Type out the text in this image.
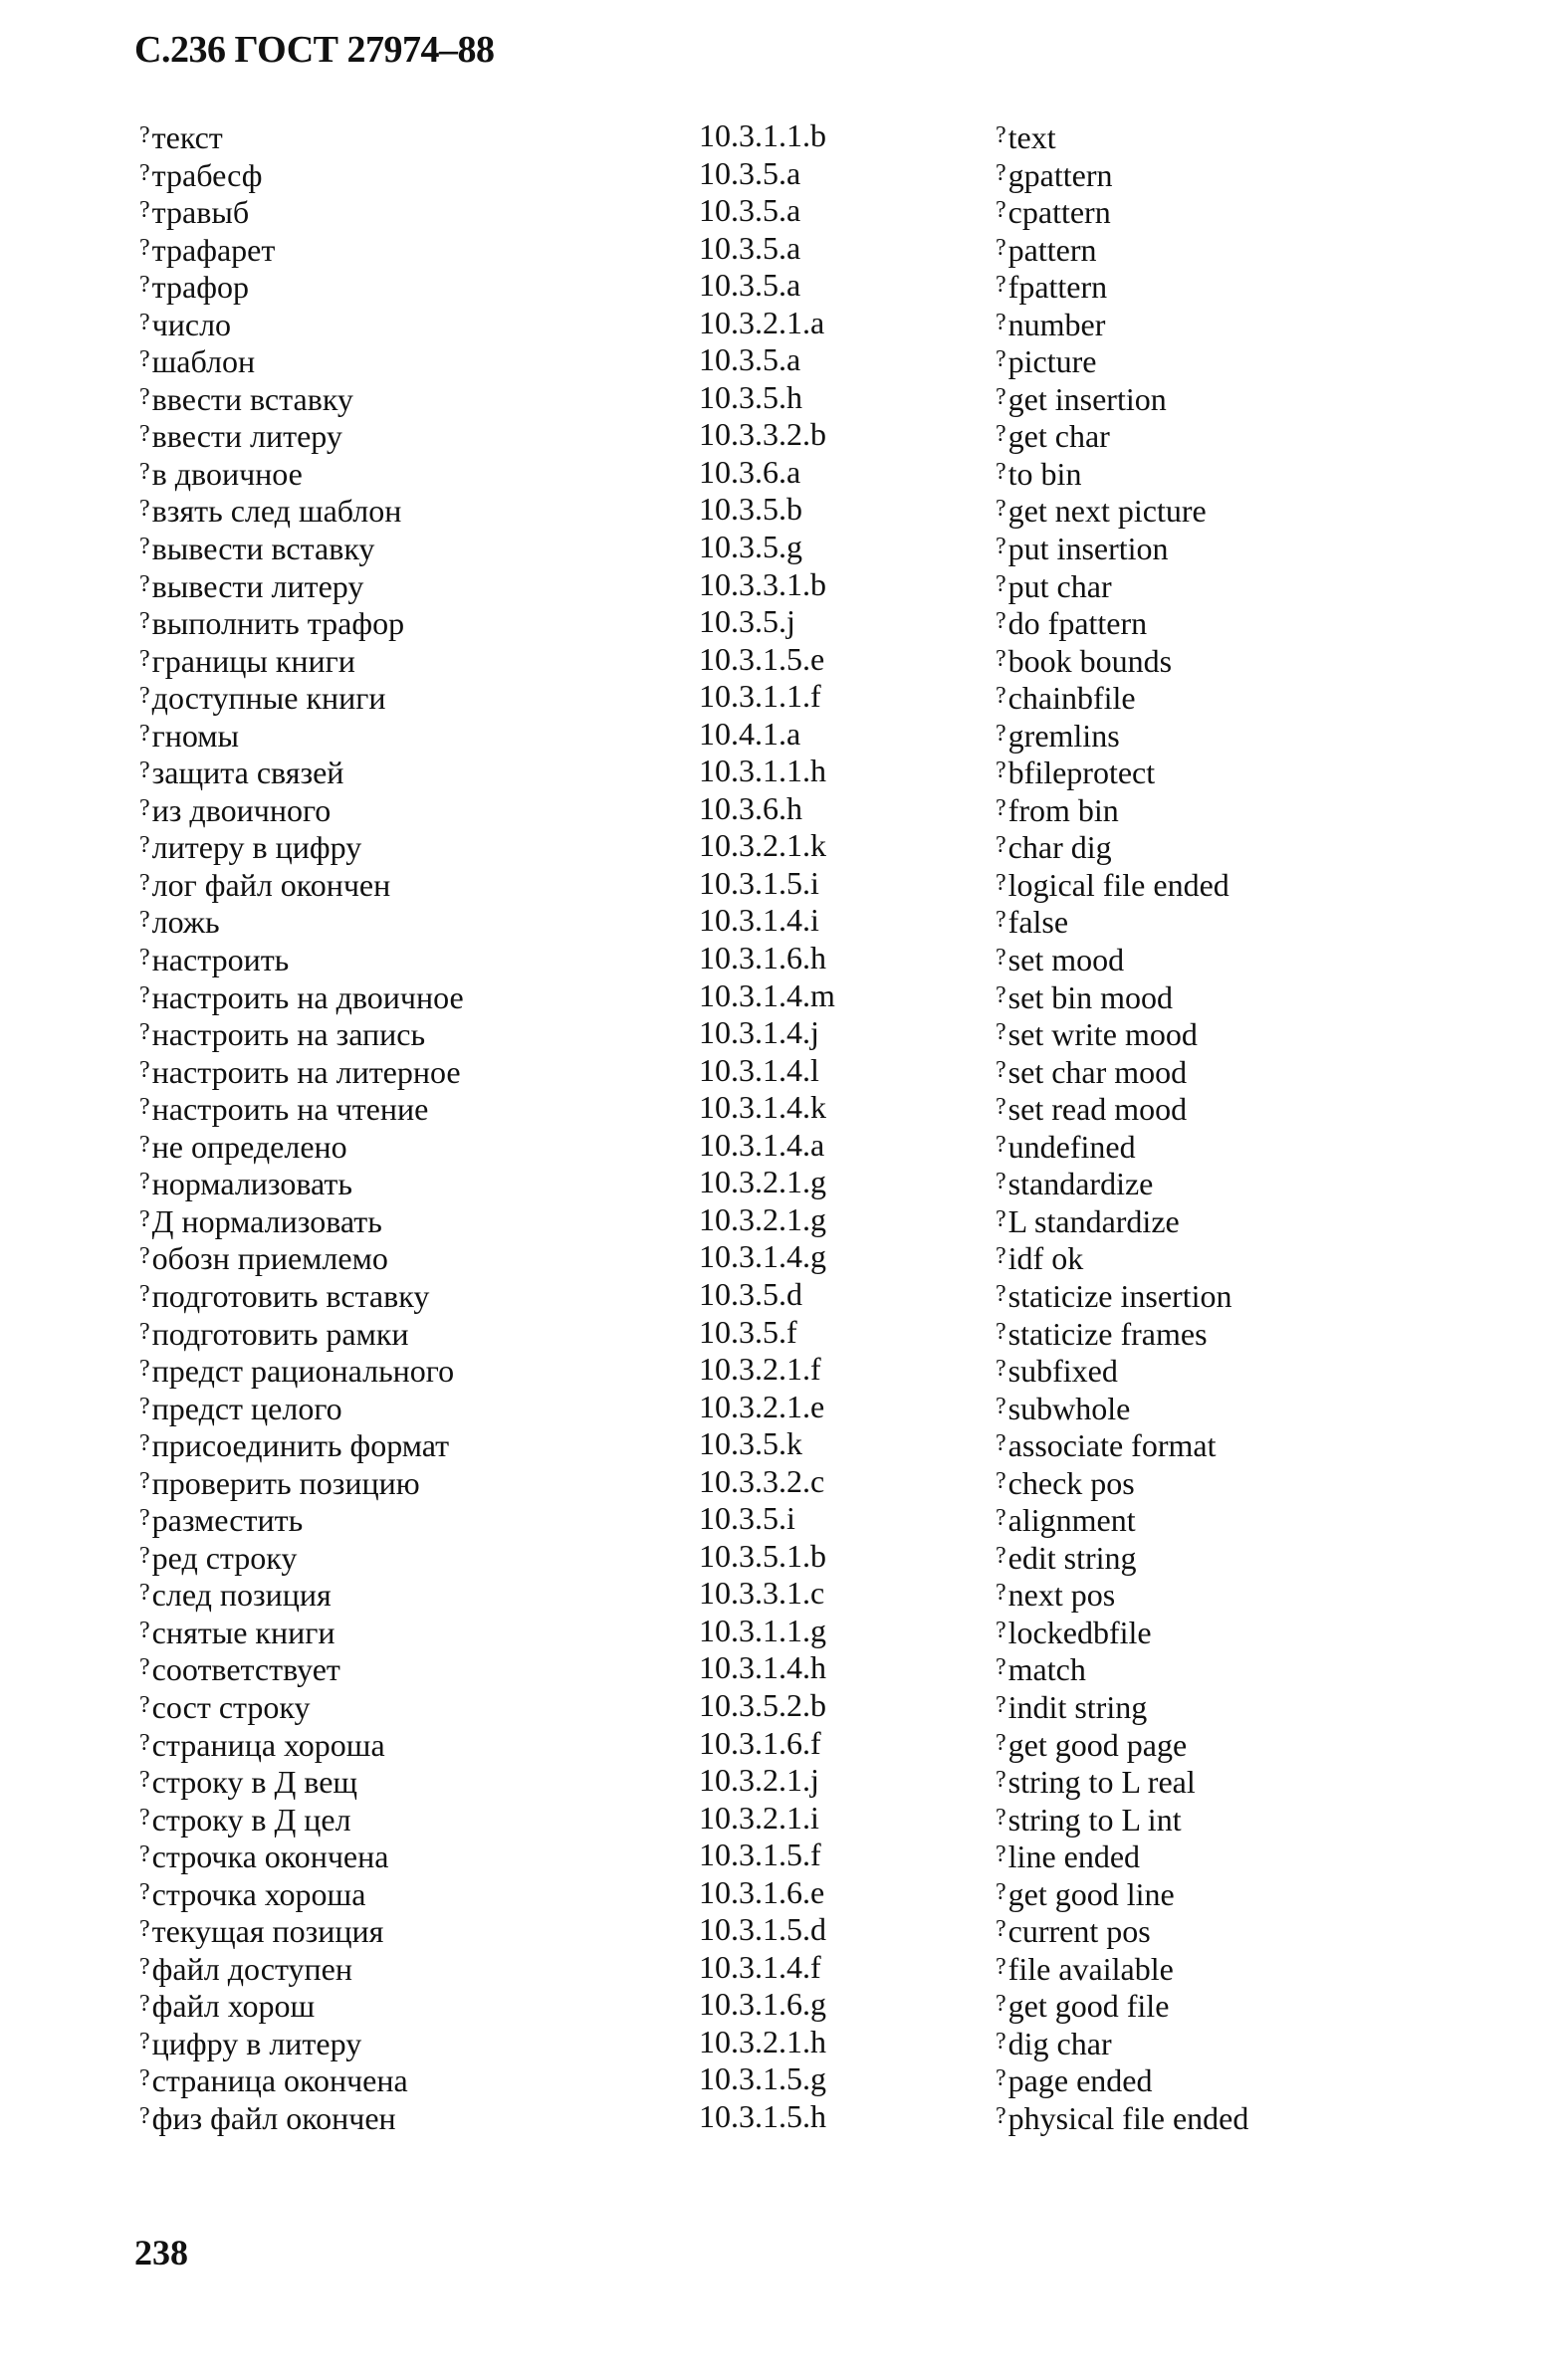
С.236 ГОСТ 27974–88
?текст	10.3.1.1.b	?text
?трабесф	10.3.5.a	?gpattern
?травыб	10.3.5.a	?cpattern
?трафарет	10.3.5.a	?pattern
?трафор	10.3.5.a	?fpattern
?число	10.3.2.1.a	?number
?шаблон	10.3.5.a	?picture
?ввести вставку	10.3.5.h	?get insertion
?ввести литеру	10.3.3.2.b	?get char
?в двоичное	10.3.6.a	?to bin
?взять след шаблон	10.3.5.b	?get next picture
?вывести вставку	10.3.5.g	?put insertion
?вывести литеру	10.3.3.1.b	?put char
?выполнить трафор	10.3.5.j	?do fpattern
?границы книги	10.3.1.5.e	?book bounds
?доступные книги	10.3.1.1.f	?chainbfile
?гномы	10.4.1.a	?gremlins
?защита связей	10.3.1.1.h	?bfileprotect
?из двоичного	10.3.6.h	?from bin
?литеру в цифру	10.3.2.1.k	?char dig
?лог файл окончен	10.3.1.5.i	?logical file ended
?ложь	10.3.1.4.i	?false
?настроить	10.3.1.6.h	?set mood
?настроить на двоичное	10.3.1.4.m	?set bin mood
?настроить на запись	10.3.1.4.j	?set write mood
?настроить на литерное	10.3.1.4.l	?set char mood
?настроить на чтение	10.3.1.4.k	?set read mood
?не определено	10.3.1.4.a	?undefined
?нормализовать	10.3.2.1.g	?standardize
?Д нормализовать	10.3.2.1.g	?L standardize
?обозн приемлемо	10.3.1.4.g	?idf ok
?подготовить вставку	10.3.5.d	?staticize insertion
?подготовить рамки	10.3.5.f	?staticize frames
?предст рационального	10.3.2.1.f	?subfixed
?предст целого	10.3.2.1.e	?subwhole
?присоединить формат	10.3.5.k	?associate format
?проверить позицию	10.3.3.2.c	?check pos
?разместить	10.3.5.i	?alignment
?ред строку	10.3.5.1.b	?edit string
?след позиция	10.3.3.1.c	?next pos
?снятые книги	10.3.1.1.g	?lockedbfile
?соответствует	10.3.1.4.h	?match
?сост строку	10.3.5.2.b	?indit string
?страница хороша	10.3.1.6.f	?get good page
?строку в Д вещ	10.3.2.1.j	?string to L real
?строку в Д цел	10.3.2.1.i	?string to L int
?строчка окончена	10.3.1.5.f	?line ended
?строчка хороша	10.3.1.6.e	?get good line
?текущая позиция	10.3.1.5.d	?current pos
?файл доступен	10.3.1.4.f	?file available
?файл хорош	10.3.1.6.g	?get good file
?цифру в литеру	10.3.2.1.h	?dig char
?страница окончена	10.3.1.5.g	?page ended
?физ файл окончен	10.3.1.5.h	?physical file ended
238
